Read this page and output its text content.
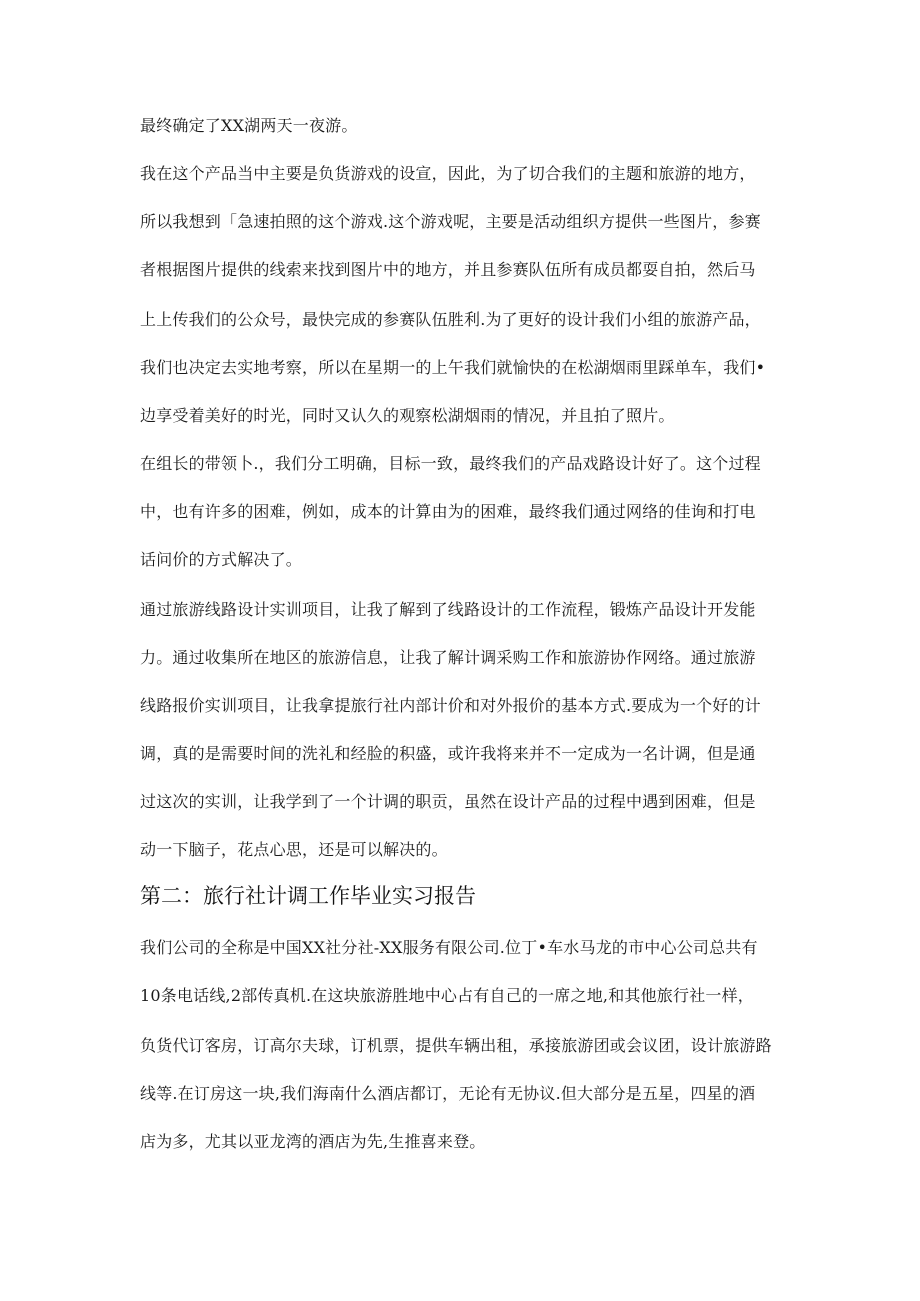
最终确定了XX湖两天一夜游。
我在这个产品当中主要是负货游戏的设宣，因此，为了切合我们的主题和旅游的地方，
所以我想到「急速拍照的这个游戏.这个游戏呢，主要是活动组织方提供一些图片，参赛
者根据图片提供的线索来找到图片中的地方，并且参赛队伍所有成员都耍自拍，然后马
上上传我们的公众号，最快完成的参赛队伍胜利.为了更好的设计我们小组的旅游产品，
我们也决定去实地考察，所以在星期一的上午我们就愉快的在松湖烟雨里踩单车，我们•
边享受着美好的时光，同时又认久的观察松湖烟雨的情况，并且拍了照片。
在组长的带领卜.，我们分工明确，目标一致，最终我们的产品戏路设计好了。这个过程
中，也有许多的困难，例如，成本的计算由为的困难，最终我们通过网络的佳询和打电
话问价的方式解决了。
通过旅游线路设计实训项目，让我了解到了线路设计的工作流程，锻炼产品设计开发能
力。通过收集所在地区的旅游信息，让我了解计调采购工作和旅游协作网络。通过旅游
线路报价实训项目，让我拿提旅行社内部计价和对外报价的基本方式.要成为一个好的计
调，真的是需要时间的洗礼和经脸的积盛，或许我将来并不一定成为一名计调，但是通
过这次的实训，让我学到了一个计调的职贡，虽然在设计产品的过程中遇到困难，但是
动一下脑子，花点心思，还是可以解决的。
第二：旅行社计调工作毕业实习报告
我们公司的全称是中国XX社分社-XX服务有限公司.位丁•车水马龙的市中心公司总共有
10条电话线,2部传真机.在这块旅游胜地中心占有自己的一席之地,和其他旅行社一样，
负货代订客房，订高尔夫球，订机票，提供车辆出租，承接旅游团或会议团，设计旅游路
线等.在订房这一块,我们海南什么酒店都订，无论有无协议.但大部分是五星，四星的酒
店为多，尤其以亚龙湾的酒店为先,生推喜来登。
